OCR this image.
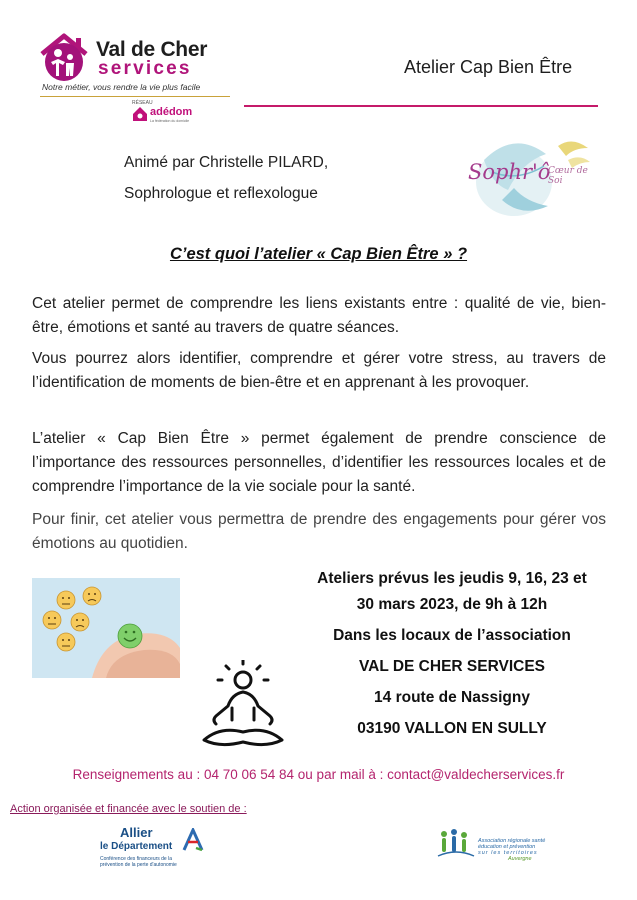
Val de Cher
services
Notre métier, vous rendre la vie plus facile
RÉSEAU
adédom
La fédération du domicile
Atelier Cap Bien Être
Animé par Christelle PILARD,
Sophrologue et reflexologue
Sophr'ô
Cœur de Soi
C’est quoi l’atelier « Cap Bien Être » ?
Cet atelier permet de comprendre les liens existants entre : qualité de vie, bien-être, émotions et santé au travers de quatre séances.
Vous pourrez alors identifier, comprendre et gérer votre stress, au travers de l’identification de moments de bien-être et en apprenant à les provoquer.
L’atelier « Cap Bien Être » permet également de prendre conscience de l’importance des ressources personnelles, d’identifier les ressources locales et de comprendre l’importance de la vie sociale pour la santé.
Pour finir, cet atelier vous permettra de prendre des engagements pour gérer vos émotions au quotidien.
Ateliers prévus les jeudis 9, 16, 23 et
30 mars 2023, de 9h à 12h
Dans les locaux de l’association
VAL DE CHER SERVICES
14 route de Nassigny
03190 VALLON EN SULLY
Renseignements au : 04 70 06 54 84 ou par mail à : contact@valdecherservices.fr
Action organisée et financée avec le soutien de :
Allier
le Département
Conférence des financeurs de la prévention de la perte d'autonomie
Association régionale santé
éducation et prévention
sur les territoires
Auvergne
